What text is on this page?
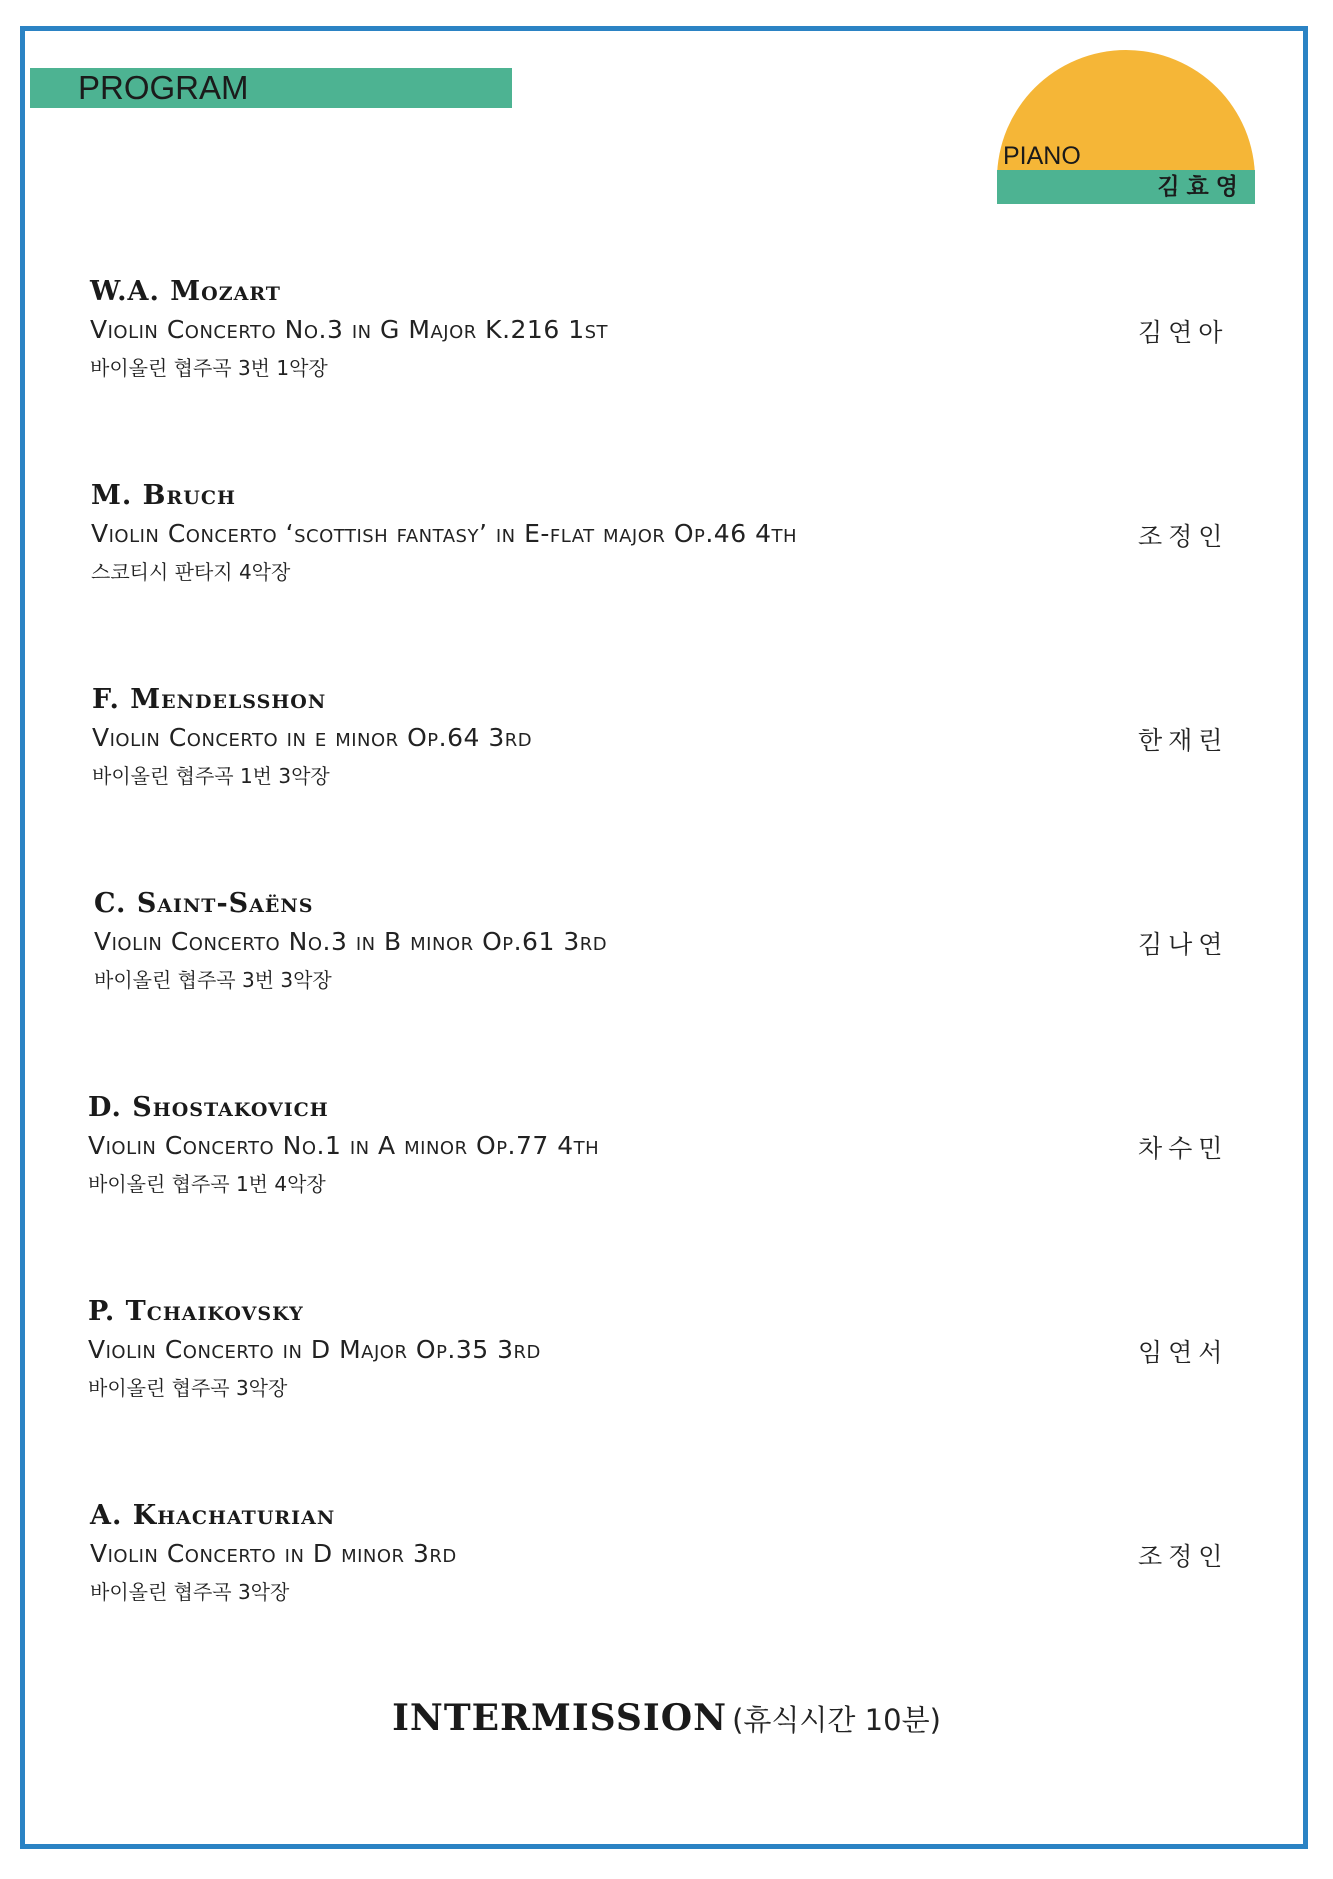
PROGRAM
PIANO
김효영
W.A. Mozart
Violin Concerto No.3 in G Major K.216 1st
바이올린 협주곡 3번 1악장
김연아
M. Bruch
Violin Concerto ‘scottish fantasy’ in E-flat major Op.46 4th
스코티시 판타지 4악장
조정인
F. Mendelsshon
Violin Concerto in e minor Op.64 3rd
바이올린 협주곡 1번 3악장
한재린
C. Saint-Saëns
Violin Concerto No.3 in B minor Op.61 3rd
바이올린 협주곡 3번 3악장
김나연
D. Shostakovich
Violin Concerto No.1 in A minor Op.77 4th
바이올린 협주곡 1번 4악장
차수민
P. Tchaikovsky
Violin Concerto in D Major Op.35 3rd
바이올린 협주곡 3악장
임연서
A. Khachaturian
Violin Concerto in D minor 3rd
바이올린 협주곡 3악장
조정인
INTERMISSION (휴식시간 10분)
